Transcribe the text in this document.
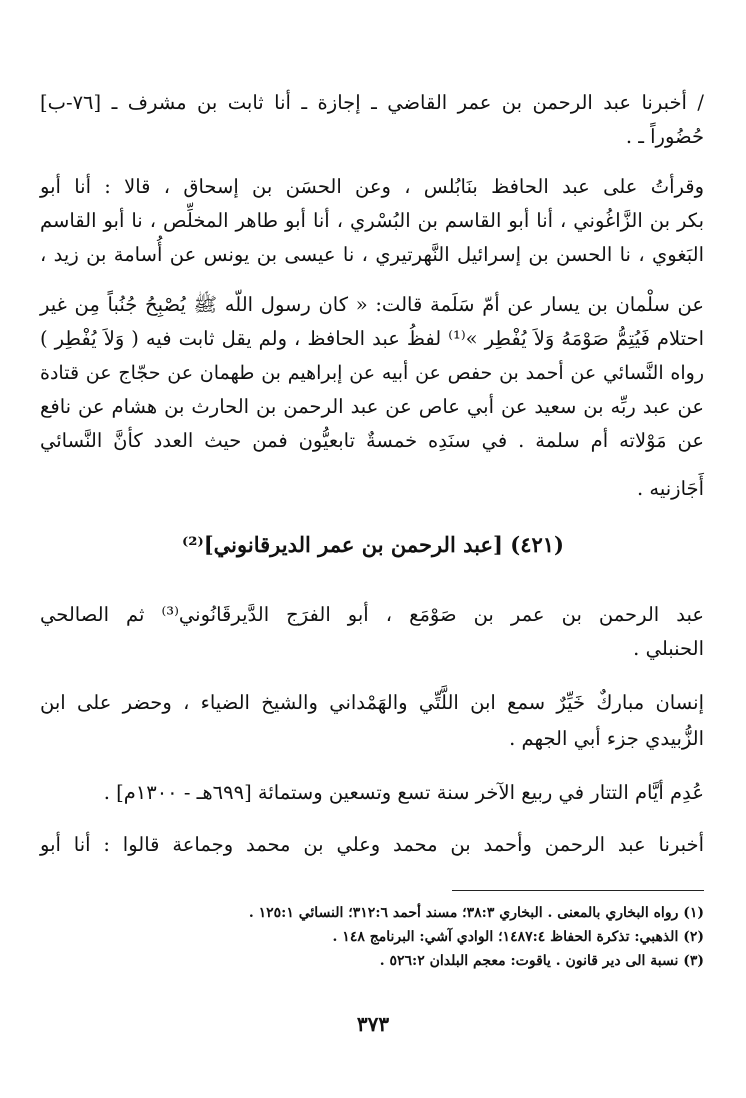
/ أخبرنا عبد الرحمن بن عمر القاضي ـ إجازة ـ أنا ثابت بن مشرف ـ [٧٦-ب]
حُضُوراً ـ .
وقرأتُ على عبد الحافظ بنَابُلس ، وعن الحسَن بن إسحاق ، قالا : أنا أبو
بكر بن الزَّاغُوني ، أنا أبو القاسم بن البُسْري ، أنا أبو طاهر المخلِّص ، نا أبو القاسم
البَغوي ، نا الحسن بن إسرائيل النَّهرتيري ، نا عيسى بن يونس عن أُسامة بن زيد ،
عن سلْمان بن يسار عن أمّ سَلَمة قالت: « كان رسول اللّه ﷺ يُصْبِحُ جُنُباً مِن غير
احتلام فَيُتِمُّ صَوْمَهُ وَلاَ يُفْطِر »⁽¹⁾ لفظُ عبد الحافظ ، ولم يقل ثابت فيه ( وَلاَ يُفْطِر )
رواه النَّسائي عن أحمد بن حفص عن أبيه عن إبراهيم بن طهمان عن حجّاج عن قتادة
عن عبد ربِّه بن سعيد عن أبي عاص عن عبد الرحمن بن الحارث بن هشام عن نافع
عن مَوْلاته أم سلمة . في سنَدِه خمسةٌ تابعيُّون فمن حيث العدد كأنَّ النَّسائي
أَجَازنيه .
(٤٢١) [عبد الرحمن بن عمر الديرقانوني]⁽²⁾
عبد الرحمن بن عمر بن صَوْمَع ، أبو الفرَج الدَّيرقَانُوني⁽³⁾ ثم الصالحي
الحنبلي .
إنسان مباركٌ خَيِّرٌ سمع ابن اللَّتِّي والهَمْداني والشيخ الضياء ، وحضر على ابن
الزُّبيدي جزء أبي الجهم .
عُدِم أيَّام التتار في ربيع الآخر سنة تسع وتسعين وستمائة [٦٩٩هـ - ١٣٠٠م] .
أخبرنا عبد الرحمن وأحمد بن محمد وعلي بن محمد وجماعة قالوا : أنا أبو
(١) رواه البخاري بالمعنى . البخاري ٣٨:٣؛ مسند أحمد ٣١٢:٦؛ النسائي ١٢٥:١ .
(٢) الذهبي: تذكرة الحفاظ ١٤٨٧:٤؛ الوادي آشي: البرنامج ١٤٨ .
(٣) نسبة الى دير قانون . ياقوت: معجم البلدان ٥٢٦:٢ .
٣٧٣
